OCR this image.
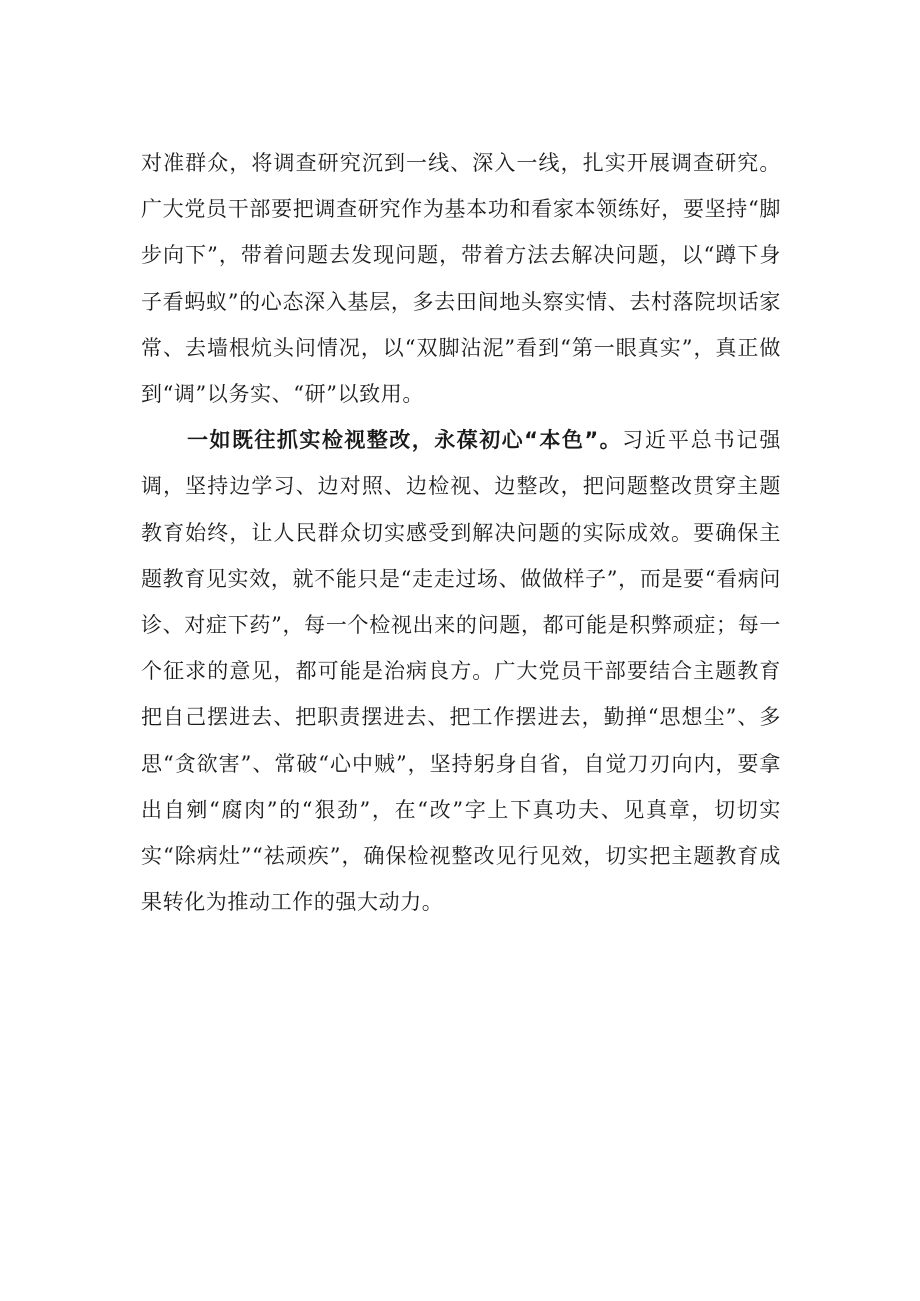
对准群众，将调查研究沉到一线、深入一线，扎实开展调查研究。广大党员干部要把调查研究作为基本功和看家本领练好，要坚持“脚步向下”，带着问题去发现问题，带着方法去解决问题，以“蹲下身子看蚂蚁”的心态深入基层，多去田间地头察实情、去村落院坝话家常、去墙根炕头问情况，以“双脚沾泥”看到“第一眼真实”，真正做到“调”以务实、“研”以致用。

一如既往抓实检视整改，永葆初心“本色”。习近平总书记强调，坚持边学习、边对照、边检视、边整改，把问题整改贯穿主题教育始终，让人民群众切实感受到解决问题的实际成效。要确保主题教育见实效，就不能只是“走走过场、做做样子”，而是要“看病问诊、对症下药”，每一个检视出来的问题，都可能是积弊顽症；每一个征求的意见，都可能是治病良方。广大党员干部要结合主题教育把自己摆进去、把职责摆进去、把工作摆进去，勤掸“思想尘”、多思“贪欲害”、常破“心中贼”，坚持躬身自省，自觉刀刃向内，要拿出自剜“腐肉”的“狠劲”，在“改”字上下真功夫、见真章，切切实实“除病灶”“祛顽疾”，确保检视整改见行见效，切实把主题教育成果转化为推动工作的强大动力。
